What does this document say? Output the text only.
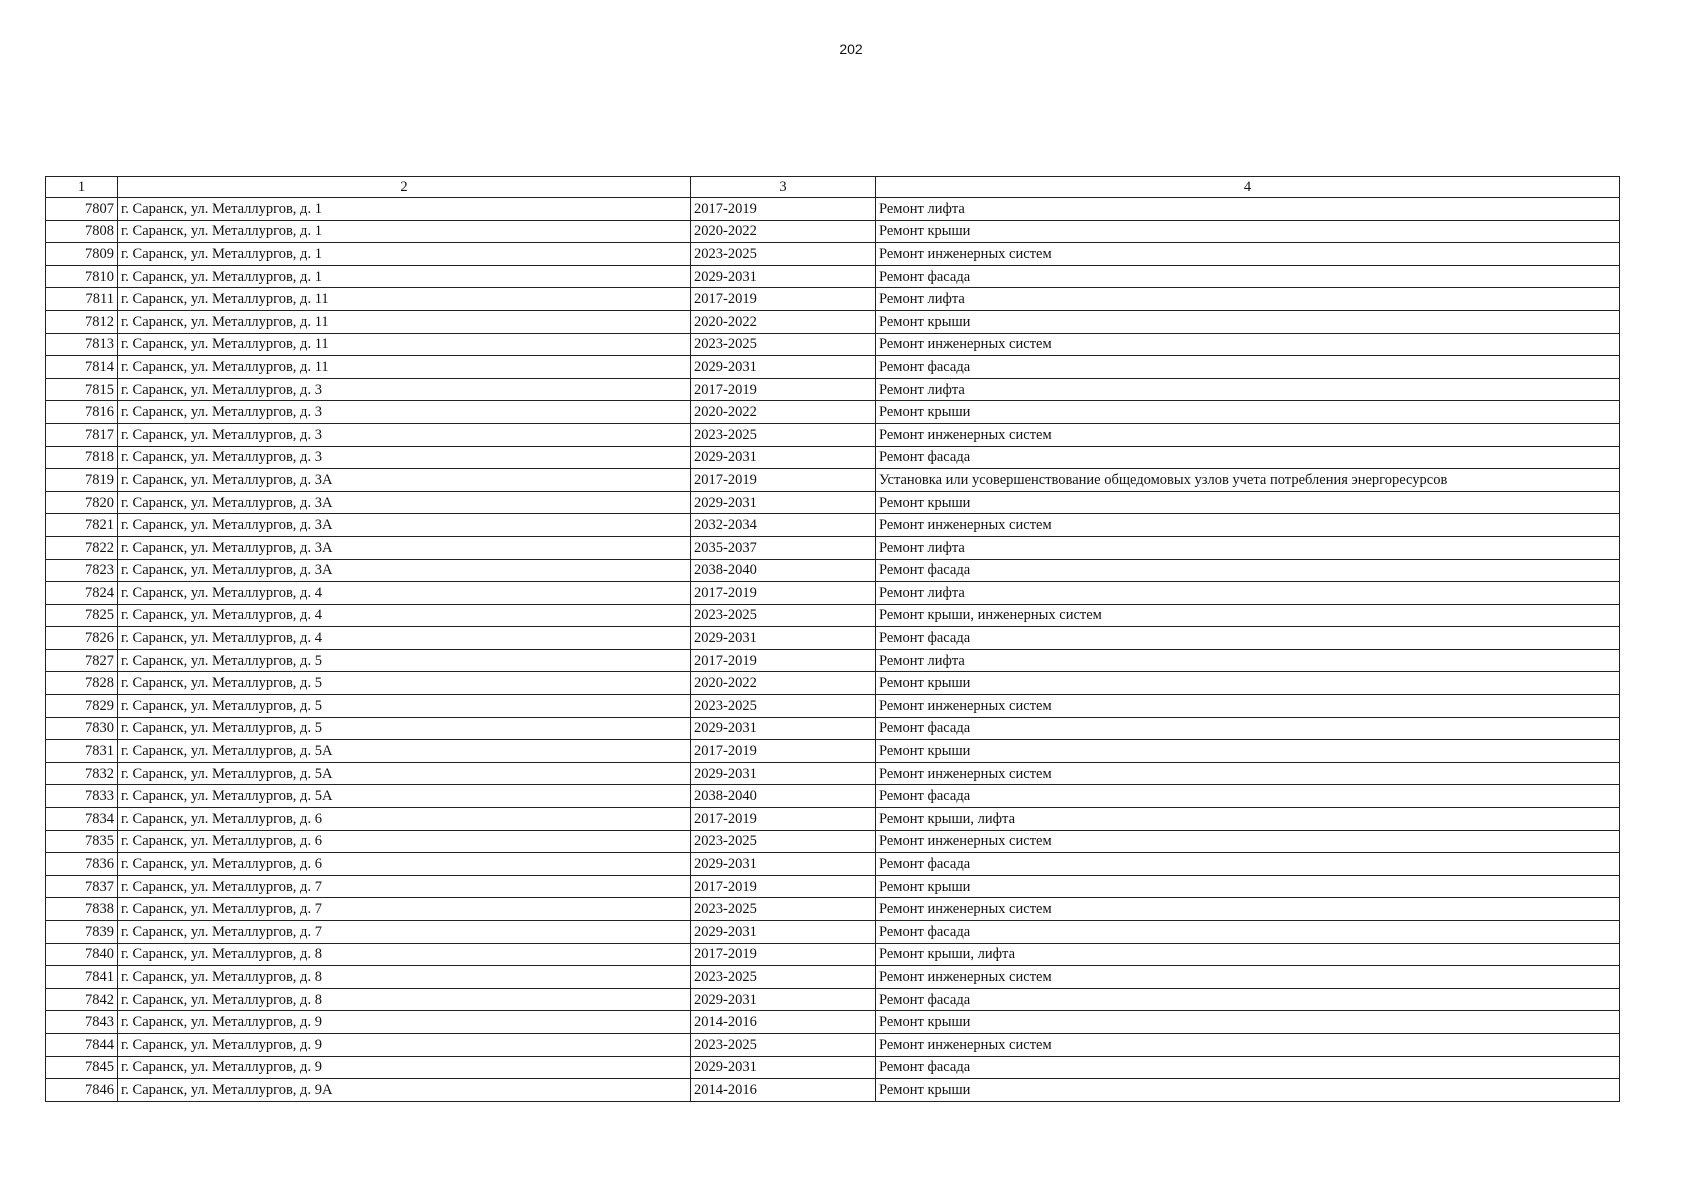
202
1	2	3	4
7807	г. Саранск, ул. Металлургов, д. 1	2017-2019	Ремонт лифта
7808	г. Саранск, ул. Металлургов, д. 1	2020-2022	Ремонт крыши
7809	г. Саранск, ул. Металлургов, д. 1	2023-2025	Ремонт инженерных систем
7810	г. Саранск, ул. Металлургов, д. 1	2029-2031	Ремонт фасада
7811	г. Саранск, ул. Металлургов, д. 11	2017-2019	Ремонт лифта
7812	г. Саранск, ул. Металлургов, д. 11	2020-2022	Ремонт крыши
7813	г. Саранск, ул. Металлургов, д. 11	2023-2025	Ремонт инженерных систем
7814	г. Саранск, ул. Металлургов, д. 11	2029-2031	Ремонт фасада
7815	г. Саранск, ул. Металлургов, д. 3	2017-2019	Ремонт лифта
7816	г. Саранск, ул. Металлургов, д. 3	2020-2022	Ремонт крыши
7817	г. Саранск, ул. Металлургов, д. 3	2023-2025	Ремонт инженерных систем
7818	г. Саранск, ул. Металлургов, д. 3	2029-2031	Ремонт фасада
7819	г. Саранск, ул. Металлургов, д. 3А	2017-2019	Установка или усовершенствование общедомовых узлов учета потребления энергоресурсов
7820	г. Саранск, ул. Металлургов, д. 3А	2029-2031	Ремонт крыши
7821	г. Саранск, ул. Металлургов, д. 3А	2032-2034	Ремонт инженерных систем
7822	г. Саранск, ул. Металлургов, д. 3А	2035-2037	Ремонт лифта
7823	г. Саранск, ул. Металлургов, д. 3А	2038-2040	Ремонт фасада
7824	г. Саранск, ул. Металлургов, д. 4	2017-2019	Ремонт лифта
7825	г. Саранск, ул. Металлургов, д. 4	2023-2025	Ремонт крыши, инженерных систем
7826	г. Саранск, ул. Металлургов, д. 4	2029-2031	Ремонт фасада
7827	г. Саранск, ул. Металлургов, д. 5	2017-2019	Ремонт лифта
7828	г. Саранск, ул. Металлургов, д. 5	2020-2022	Ремонт крыши
7829	г. Саранск, ул. Металлургов, д. 5	2023-2025	Ремонт инженерных систем
7830	г. Саранск, ул. Металлургов, д. 5	2029-2031	Ремонт фасада
7831	г. Саранск, ул. Металлургов, д. 5А	2017-2019	Ремонт крыши
7832	г. Саранск, ул. Металлургов, д. 5А	2029-2031	Ремонт инженерных систем
7833	г. Саранск, ул. Металлургов, д. 5А	2038-2040	Ремонт фасада
7834	г. Саранск, ул. Металлургов, д. 6	2017-2019	Ремонт крыши, лифта
7835	г. Саранск, ул. Металлургов, д. 6	2023-2025	Ремонт инженерных систем
7836	г. Саранск, ул. Металлургов, д. 6	2029-2031	Ремонт фасада
7837	г. Саранск, ул. Металлургов, д. 7	2017-2019	Ремонт крыши
7838	г. Саранск, ул. Металлургов, д. 7	2023-2025	Ремонт инженерных систем
7839	г. Саранск, ул. Металлургов, д. 7	2029-2031	Ремонт фасада
7840	г. Саранск, ул. Металлургов, д. 8	2017-2019	Ремонт крыши, лифта
7841	г. Саранск, ул. Металлургов, д. 8	2023-2025	Ремонт инженерных систем
7842	г. Саранск, ул. Металлургов, д. 8	2029-2031	Ремонт фасада
7843	г. Саранск, ул. Металлургов, д. 9	2014-2016	Ремонт крыши
7844	г. Саранск, ул. Металлургов, д. 9	2023-2025	Ремонт инженерных систем
7845	г. Саранск, ул. Металлургов, д. 9	2029-2031	Ремонт фасада
7846	г. Саранск, ул. Металлургов, д. 9А	2014-2016	Ремонт крыши
